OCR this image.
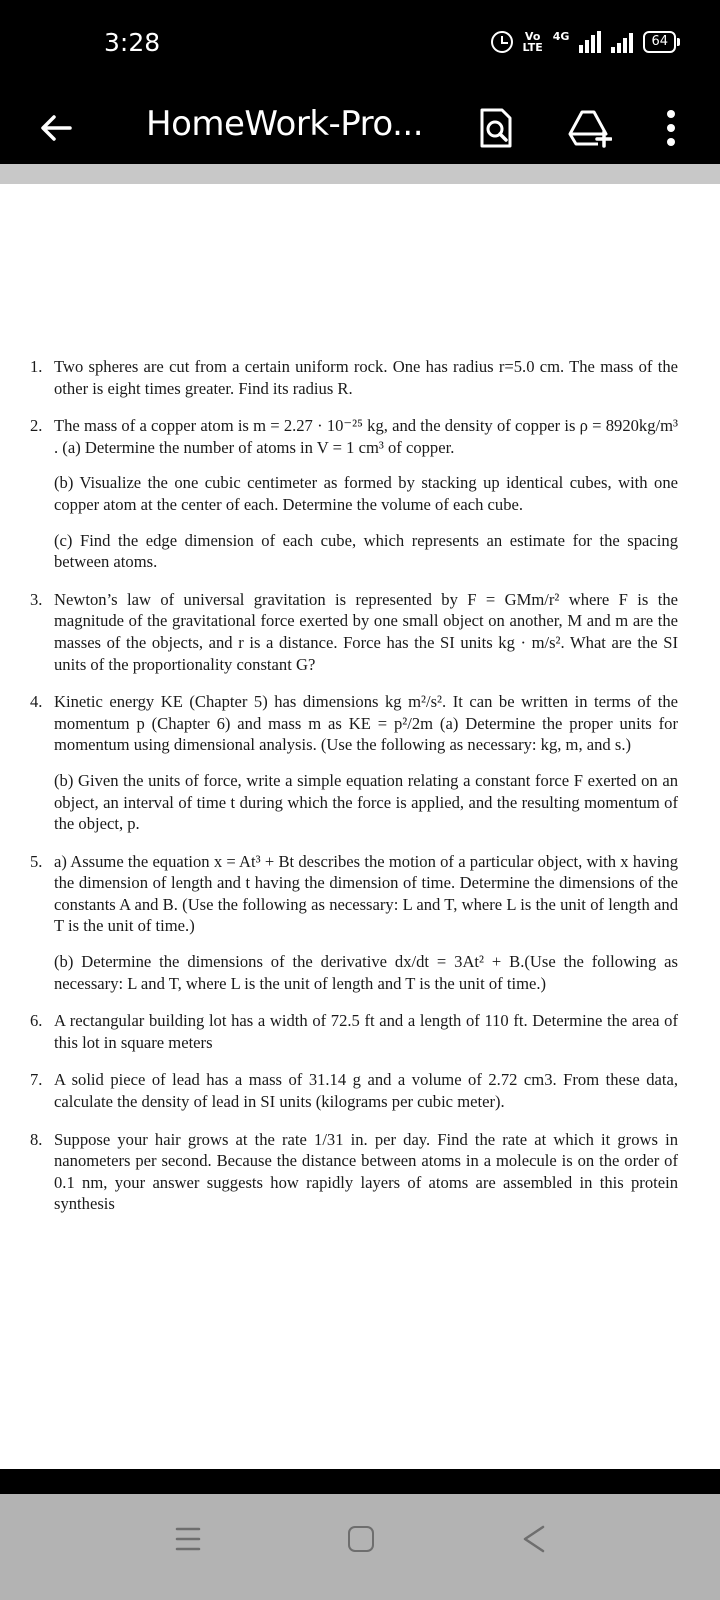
3:28	Vo
LTE
4G	64
HomeWork-Pro...
1. Two spheres are cut from a certain uniform rock. One has radius r=5.0 cm. The mass of the other is eight times greater. Find its radius R.

2. The mass of a copper atom is m = 2.27 · 10⁻²⁵ kg, and the density of copper is ρ = 8920kg/m³ . (a) Determine the number of atoms in V = 1 cm³ of copper.

(b) Visualize the one cubic centimeter as formed by stacking up identical cubes, with one copper atom at the center of each. Determine the volume of each cube.

(c) Find the edge dimension of each cube, which represents an estimate for the spacing between atoms.

3. Newton’s law of universal gravitation is represented by F = GMm/r² where F is the magnitude of the gravitational force exerted by one small object on another, M and m are the masses of the objects, and r is a distance. Force has the SI units kg · m/s². What are the SI units of the proportionality constant G?

4. Kinetic energy KE (Chapter 5) has dimensions kg m²/s². It can be written in terms of the momentum p (Chapter 6) and mass m as KE = p²/2m (a) Determine the proper units for momentum using dimensional analysis. (Use the following as necessary: kg, m, and s.)

(b) Given the units of force, write a simple equation relating a constant force F exerted on an object, an interval of time t during which the force is applied, and the resulting momentum of the object, p.

5. a) Assume the equation x = At³ + Bt describes the motion of a particular object, with x having the dimension of length and t having the dimension of time. Determine the dimensions of the constants A and B. (Use the following as necessary: L and T, where L is the unit of length and T is the unit of time.)

(b) Determine the dimensions of the derivative dx/dt = 3At² + B.(Use the following as necessary: L and T, where L is the unit of length and T is the unit of time.)

6. A rectangular building lot has a width of 72.5 ft and a length of 110 ft. Determine the area of this lot in square meters

7. A solid piece of lead has a mass of 31.14 g and a volume of 2.72 cm3. From these data, calculate the density of lead in SI units (kilograms per cubic meter).

8. Suppose your hair grows at the rate 1/31 in. per day. Find the rate at which it grows in nanometers per second. Because the distance between atoms in a molecule is on the order of 0.1 nm, your answer suggests how rapidly layers of atoms are assembled in this protein synthesis
